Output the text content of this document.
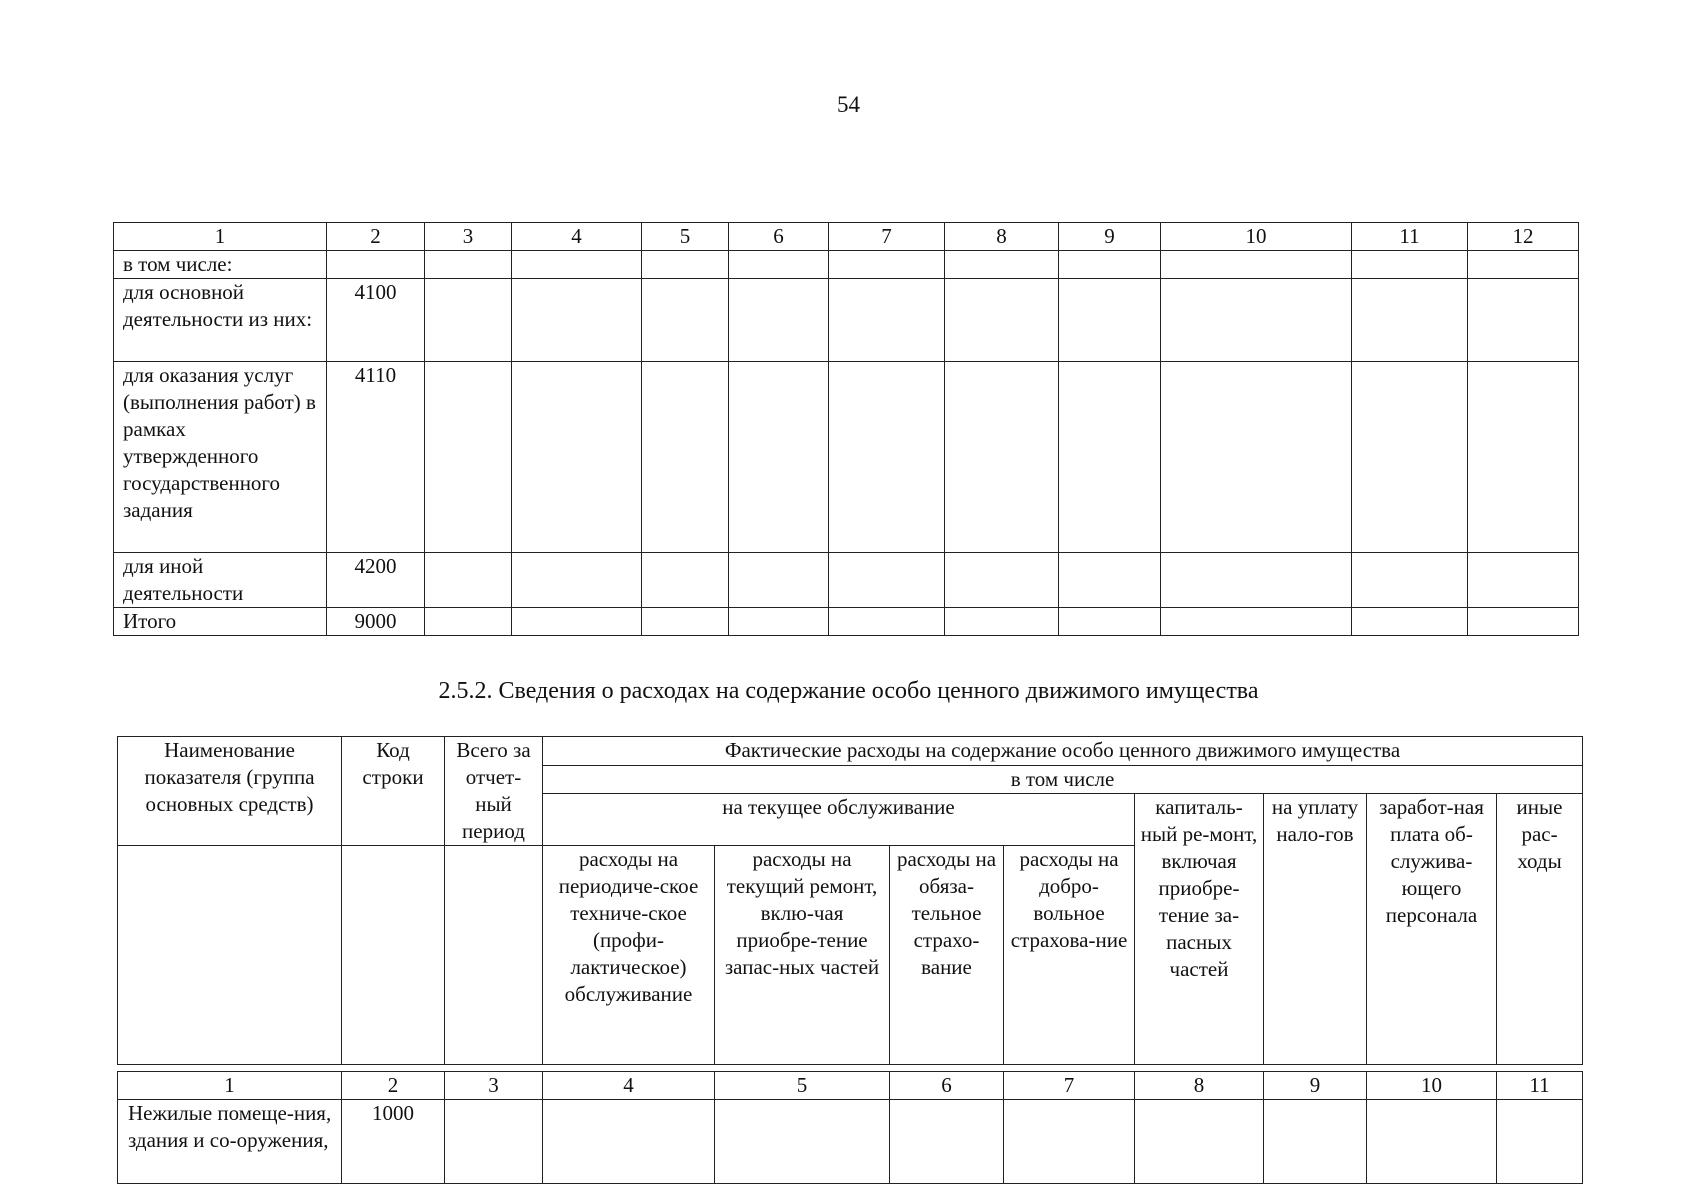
54
1	2	3	4	5	6	7	8	9	10	11	12
в том числе:											
для основной деятельности из них:	4100										
для оказания услуг (выполнения работ) в рамках утвержденного государственного задания	4110										
для иной деятельности	4200										
Итого	9000										
2.5.2. Сведения о расходах на содержание особо ценного движимого имущества
Наименование показателя (группа основных средств)	Код строки	Всего за отчет-ный период	Фактические расходы на содержание особо ценного движимого имущества							
			в том числе							
			на текущее обслуживание				капиталь-ный ре-монт, включая приобре-тение за-пасных частей	на уплату нало-гов	заработ-ная плата об-служива-ющего персонала	иные рас-ходы
			расходы на периодиче-ское техниче-ское (профи-лактическое) обслуживание	расходы на текущий ремонт, вклю-чая приобре-тение запас-ных частей	расходы на обяза-тельное страхо-вание	расходы на добро-вольное страхова-ние				

1	2	3	4	5	6	7	8	9	10	11
Нежилые помеще-ния, здания и со-оружения,	1000									
